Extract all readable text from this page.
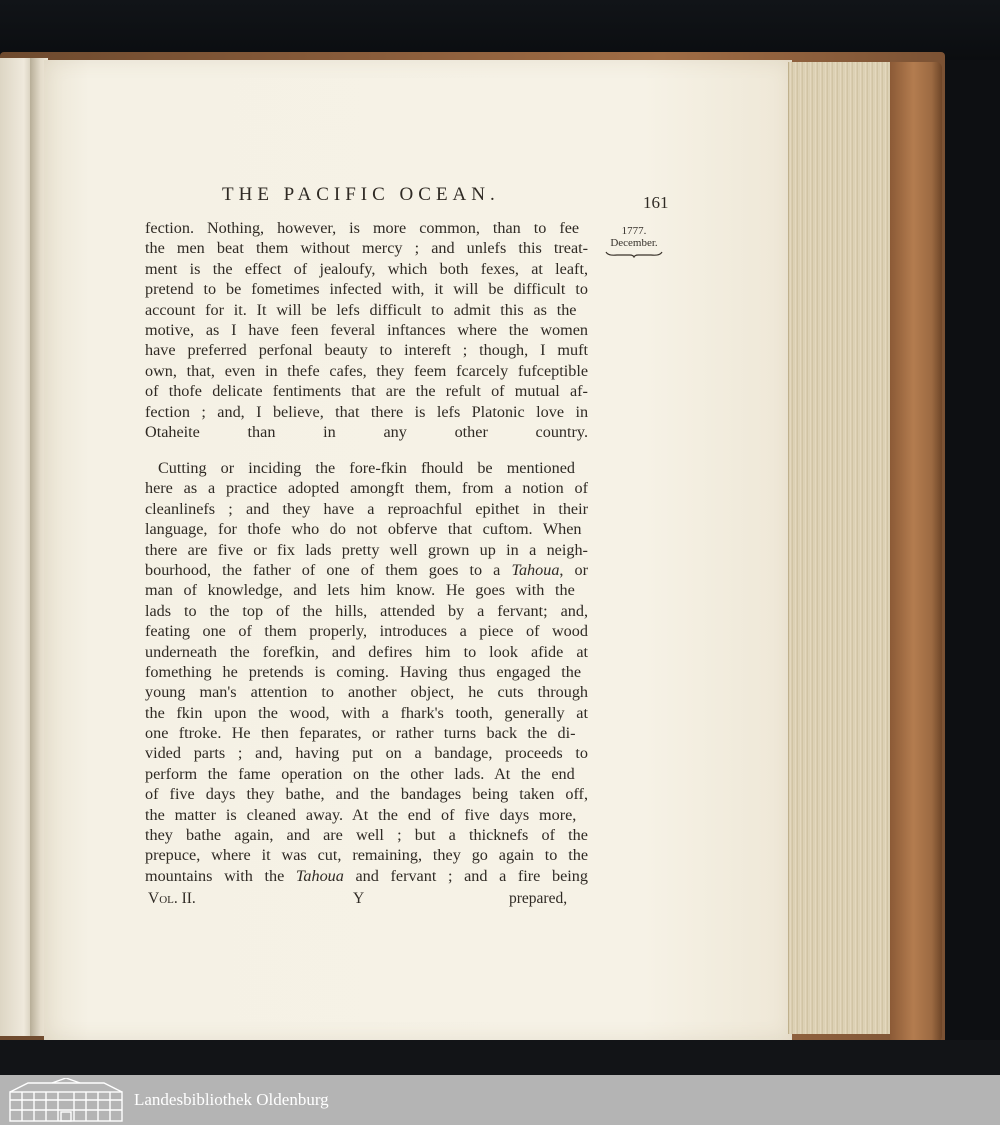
THE PACIFIC OCEAN.	161
1777.
December.
fection. Nothing, however, is more common, than to fee
the men beat them without mercy ; and unlefs this treat-
ment is the effect of jealoufy, which both fexes, at leaft,
pretend to be fometimes infected with, it will be difficult to
account for it. It will be lefs difficult to admit this as the
motive, as I have feen feveral inftances where the women
have preferred perfonal beauty to intereft ; though, I muft
own, that, even in thefe cafes, they feem fcarcely fufceptible
of thofe delicate fentiments that are the refult of mutual af-
fection ; and, I believe, that there is lefs Platonic love in
Otaheite than in any other country.
Cutting or inciding the fore-fkin fhould be mentioned
here as a practice adopted amongft them, from a notion of
cleanlinefs ; and they have a reproachful epithet in their
language, for thofe who do not obferve that cuftom. When
there are five or fix lads pretty well grown up in a neigh-
bourhood, the father of one of them goes to a Tahoua, or
man of knowledge, and lets him know. He goes with the
lads to the top of the hills, attended by a fervant; and,
feating one of them properly, introduces a piece of wood
underneath the forefkin, and defires him to look afide at
fomething he pretends is coming. Having thus engaged the
young man's attention to another object, he cuts through
the fkin upon the wood, with a fhark's tooth, generally at
one ftroke. He then feparates, or rather turns back the di-
vided parts ; and, having put on a bandage, proceeds to
perform the fame operation on the other lads. At the end
of five days they bathe, and the bandages being taken off,
the matter is cleaned away. At the end of five days more,
they bathe again, and are well ; but a thicknefs of the
prepuce, where it was cut, remaining, they go again to the
mountains with the Tahoua and fervant ; and a fire being
Vol. II.	Y	prepared,
Landesbibliothek Oldenburg
